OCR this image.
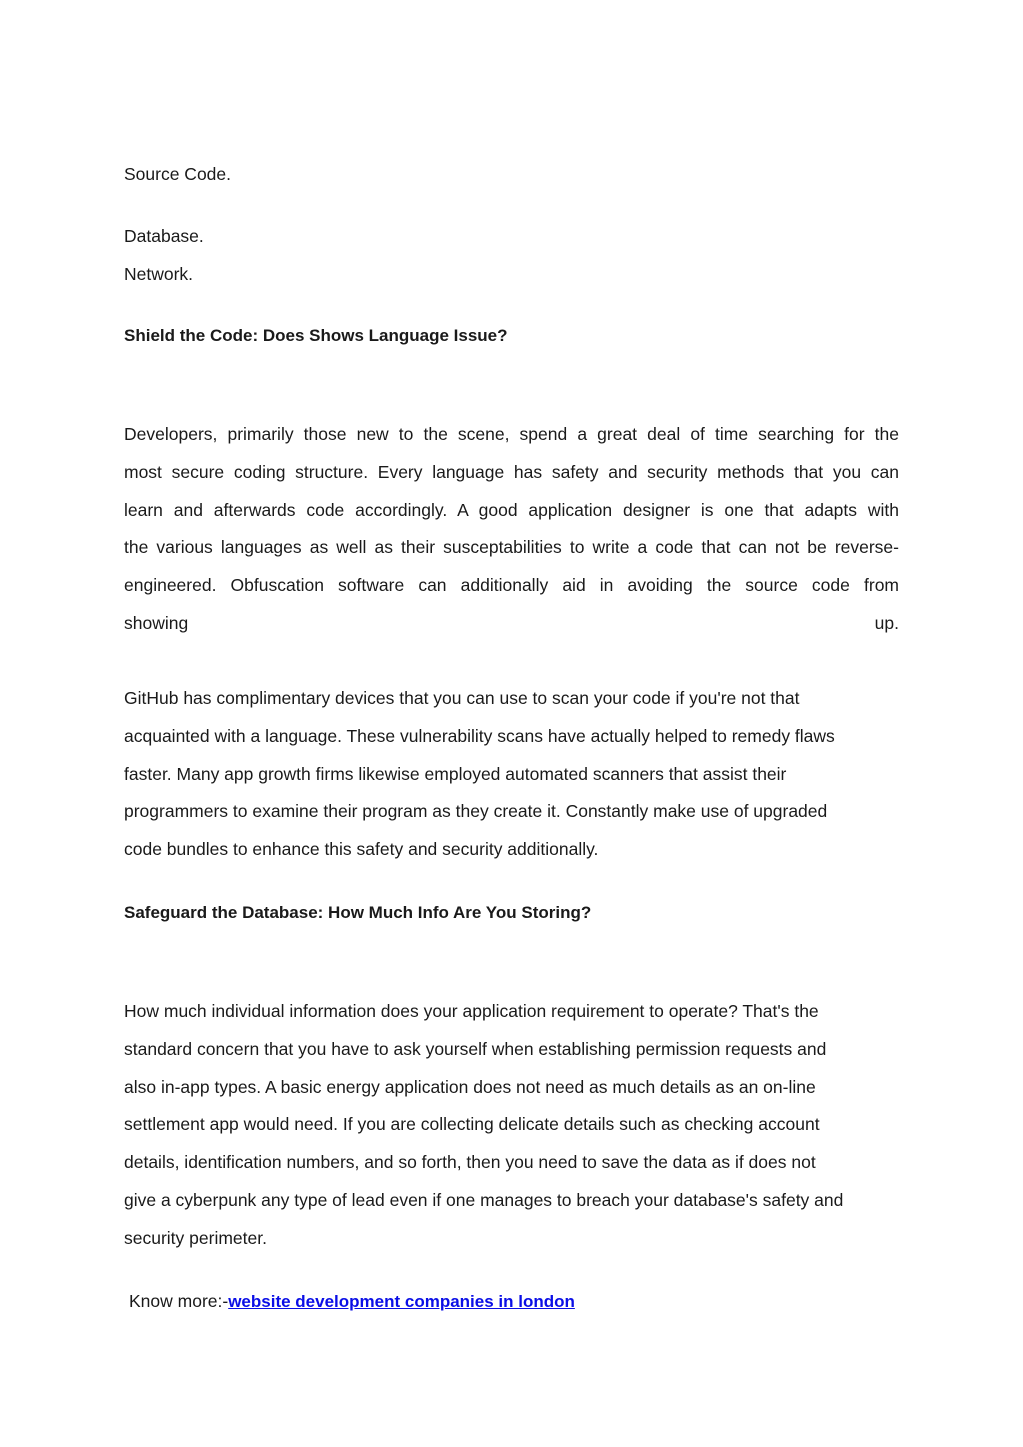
Source Code.
Database.
Network.
Shield the Code: Does Shows Language Issue?
Developers, primarily those new to the scene, spend a great deal of time searching for the
most secure coding structure. Every language has safety and security methods that you can
learn and afterwards code accordingly. A good application designer is one that adapts with
the various languages as well as their susceptabilities to write a code that can not be reverse-
engineered. Obfuscation software can additionally aid in avoiding the source code from
showing up.
GitHub has complimentary devices that you can use to scan your code if you're not that
acquainted with a language. These vulnerability scans have actually helped to remedy flaws
faster. Many app growth firms likewise employed automated scanners that assist their
programmers to examine their program as they create it. Constantly make use of upgraded
code bundles to enhance this safety and security additionally.
Safeguard the Database: How Much Info Are You Storing?
How much individual information does your application requirement to operate? That's the
standard concern that you have to ask yourself when establishing permission requests and
also in-app types. A basic energy application does not need as much details as an on-line
settlement app would need. If you are collecting delicate details such as checking account
details, identification numbers, and so forth, then you need to save the data as if does not
give a cyberpunk any type of lead even if one manages to breach your database's safety and
security perimeter.
Know more:-website development companies in london
